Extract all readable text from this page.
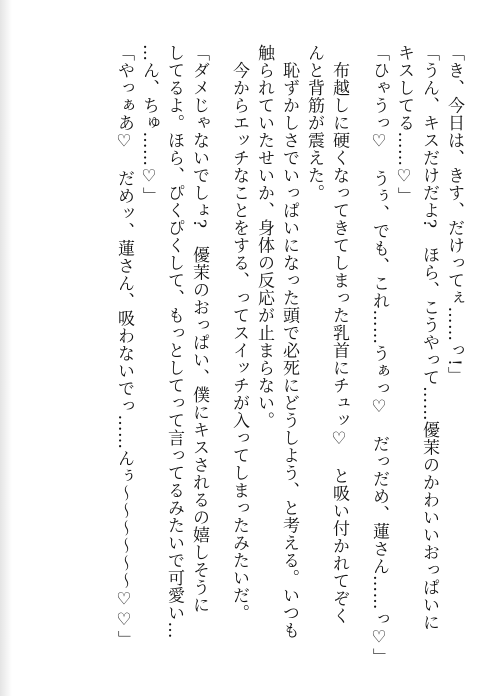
「き、今日は、きす、だけってぇ……っ!」
「うん、キスだけだよ?　ほら、こうやって……優茉のかわいいおっぱいに
キスしてる……♡」
「ひゃうっ♡　うぅ、でも、これ……うぁっ♡　だっだめ、蓮さん……っ♡」
　布越しに硬くなってきてしまった乳首にチュッ♡　と吸い付かれてぞく
んと背筋が震えた。
　恥ずかしさでいっぱいになった頭で必死にどうしよう、と考える。いつも
触られていたせいか、身体の反応が止まらない。
　今からエッチなことをする、ってスイッチが入ってしまったみたいだ。
「ダメじゃないでしょ?　優茉のおっぱい、僕にキスされるの嬉しそうに
してるよ。ほら、ぴくぴくして、もっとしてって言ってるみたいで可愛い…
…ん、ちゅ……♡」
「やっぁあ♡　だめッ、蓮さん、吸わないでっ……んぅ〜〜〜〜〜〜♡♡」
